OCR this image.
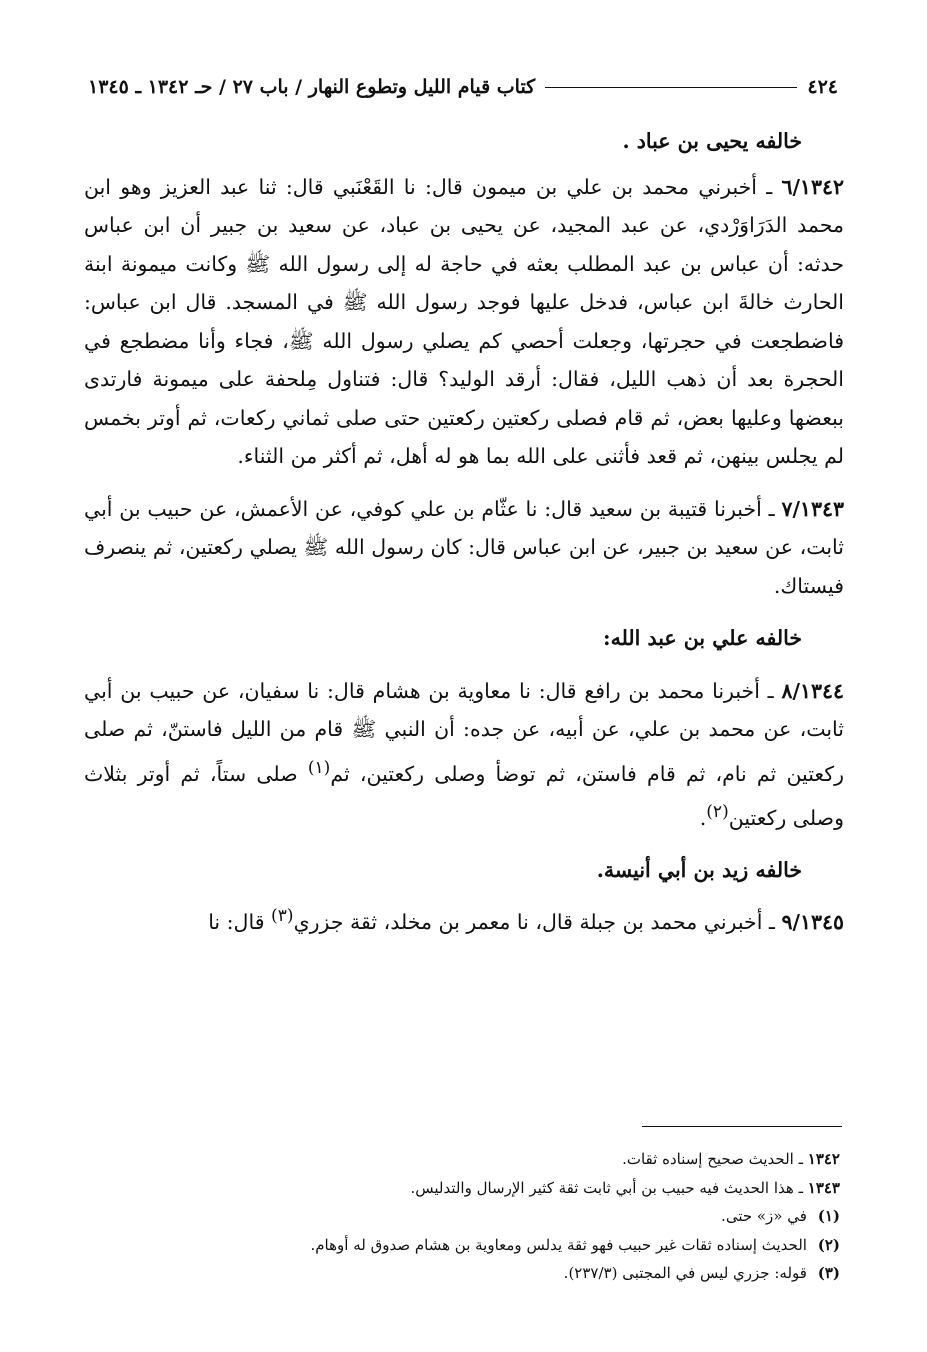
٤٢٤
كتاب قيام الليل وتطوع النهار / باب ٢٧ / حـ ١٣٤٢ ـ ١٣٤٥

خالفه يحيى بن عباد .

٦/١٣٤٢ ـ أخبرني محمد بن علي بن ميمون قال: نا القَعْنَبي قال: ثنا عبد العزيز وهو ابن محمد الدَرَاوَرْدي، عن عبد المجيد، عن يحيى بن عباد، عن سعيد بن جبير أن ابن عباس حدثه: أن عباس بن عبد المطلب بعثه في حاجة له إلى رسول الله ﷺ وكانت ميمونة ابنة الحارث خالةَ ابن عباس، فدخل عليها فوجد رسول الله ﷺ في المسجد. قال ابن عباس: فاضطجعت في حجرتها، وجعلت أحصي كم يصلي رسول الله ﷺ، فجاء وأنا مضطجع في الحجرة بعد أن ذهب الليل، فقال: أرقد الوليد؟ قال: فتناول مِلحفة على ميمونة فارتدى ببعضها وعليها بعض، ثم قام فصلى ركعتين ركعتين حتى صلى ثماني ركعات، ثم أوتر بخمس لم يجلس بينهن، ثم قعد فأثنى على الله بما هو له أهل، ثم أكثر من الثناء.

٧/١٣٤٣ ـ أخبرنا قتيبة بن سعيد قال: نا عثّام بن علي كوفي، عن الأعمش، عن حبيب بن أبي ثابت، عن سعيد بن جبير، عن ابن عباس قال: كان رسول الله ﷺ يصلي ركعتين، ثم ينصرف فيستاك.

خالفه علي بن عبد الله:

٨/١٣٤٤ ـ أخبرنا محمد بن رافع قال: نا معاوية بن هشام قال: نا سفيان، عن حبيب بن أبي ثابت، عن محمد بن علي، عن أبيه، عن جده: أن النبي ﷺ قام من الليل فاستنّ، ثم صلى ركعتين ثم نام، ثم قام فاستن، ثم توضأ وصلى ركعتين، ثم$^{(١)}$ صلى ستاً، ثم أوتر بثلاث وصلى ركعتين$^{(٢)}$.

خالفه زيد بن أبي أنيسة.

٩/١٣٤٥ ـ أخبرني محمد بن جبلة قال، نا معمر بن مخلد، ثقة جزري$^{(٣)}$ قال: نا

١٣٤٢ ـ الحديث صحيح إسناده ثقات.
١٣٤٣ ـ هذا الحديث فيه حبيب بن أبي ثابت ثقة كثير الإرسال والتدليس.
(١) في «ز» حتى.
(٢) الحديث إسناده ثقات غير حبيب فهو ثقة يدلس ومعاوية بن هشام صدوق له أوهام.
(٣) قوله: جزري ليس في المجتبى (٢٣٧/٣).
